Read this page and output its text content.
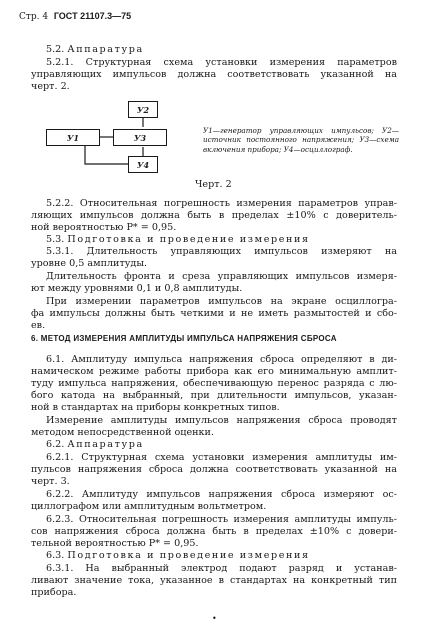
Стр. 4 ГОСТ 21107.3—75
5.2. Аппаратура
5.2.1. Структурная схема установки измерения параметров
управляющих импульсов должна соответствовать указанной на
черт. 2.
У2
У1	У3
У4
У1—генератор управляющих импульсов; У2—источник постоянного напряжения; У3—схема включения прибора; У4—осциллограф.
Черт. 2
5.2.2. Относительная погрешность измерения параметров управ-
ляющих импульсов должна быть в пределах ±10% с доверитель-
ной вероятностью P* = 0,95.
5.3. Подготовка и проведение измерения
5.3.1. Длительность управляющих импульсов измеряют на
уровне 0,5 амплитуды.
Длительность фронта и среза управляющих импульсов измеря-
ют между уровнями 0,1 и 0,8 амплитуды.
При измерении параметров импульсов на экране осциллогра-
фа импульсы должны быть четкими и не иметь размытостей и сбо-
ев.
6. МЕТОД ИЗМЕРЕНИЯ АМПЛИТУДЫ ИМПУЛЬСА НАПРЯЖЕНИЯ СБРОСА
6.1. Амплитуду импульса напряжения сброса определяют в ди-
намическом режиме работы прибора как его минимальную амплит-
туду импульса напряжения, обеспечивающую перенос разряда с лю-
бого катода на выбранный, при длительности импульсов, указан-
ной в стандартах на приборы конкретных типов.
Измерение амплитуды импульсов напряжения сброса проводят
методом непосредственной оценки.
6.2. Аппаратура
6.2.1. Структурная схема установки измерения амплитуды им-
пульсов напряжения сброса должна соответствовать указанной на
черт. 3.
6.2.2. Амплитуду импульсов напряжения сброса измеряют ос-
циллографом или амплитудным вольтметром.
6.2.3. Относительная погрешность измерения амплитуды импуль-
сов напряжения сброса должна быть в пределах ±10% с довери-
тельной вероятностью P* = 0,95.
6.3. Подготовка и проведение измерения
6.3.1. На выбранный электрод подают разряд и устанав-
ливают значение тока, указанное в стандартах на конкретный тип
прибора.
•
